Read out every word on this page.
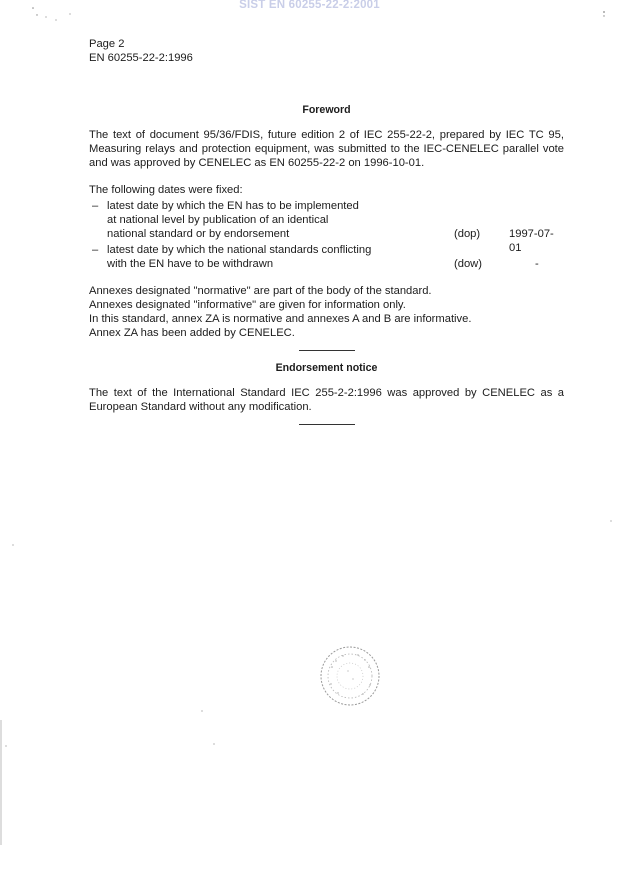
SIST EN 60255-22-2:2001
Page 2
EN 60255-22-2:1996
Foreword

The text of document 95/36/FDIS, future edition 2 of IEC 255-22-2, prepared by IEC TC 95, Measuring relays and protection equipment, was submitted to the IEC-CENELEC parallel vote and was approved by CENELEC as EN 60255-22-2 on 1996-10-01.

The following dates were fixed:

– latest date by which the EN has to be implemented
at national level by publication of an identical
national standard or by endorsement	(dop)	1997-07-01
– latest date by which the national standards conflicting
with the EN have to be withdrawn	(dow)	-
Annexes designated "normative" are part of the body of the standard.
Annexes designated "informative" are given for information only.
In this standard, annex ZA is normative and annexes A and B are informative.
Annex ZA has been added by CENELEC.
Endorsement notice

The text of the International Standard IEC 255-2-2:1996 was approved by CENELEC as a European Standard without any modification.
